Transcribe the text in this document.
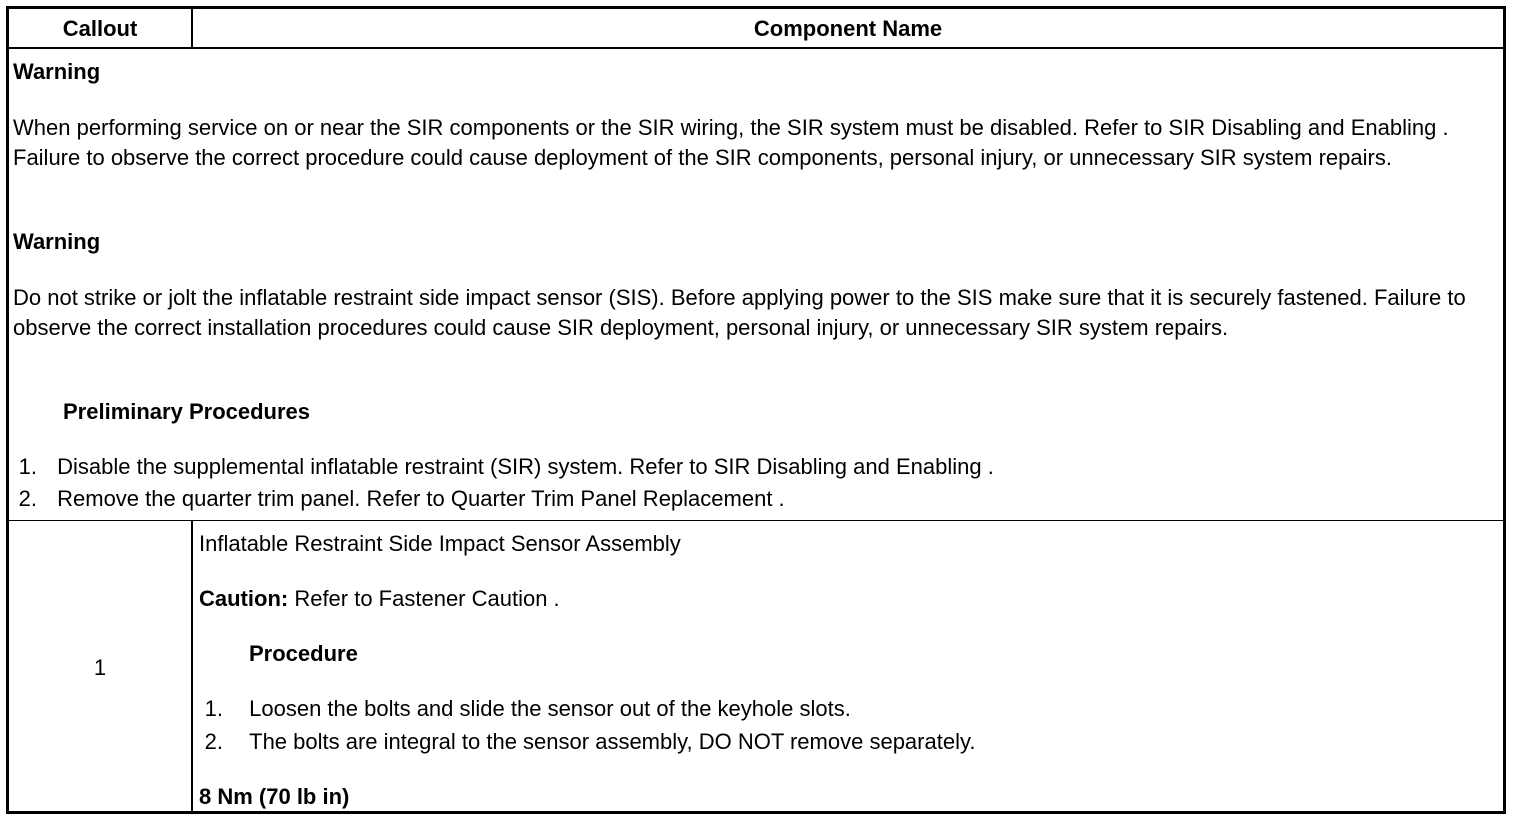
Callout	Component Name
Warning

When performing service on or near the SIR components or the SIR wiring, the SIR system must be disabled. Refer to SIR Disabling and Enabling . Failure to observe the correct procedure could cause deployment of the SIR components, personal injury, or unnecessary SIR system repairs.

Warning

Do not strike or jolt the inflatable restraint side impact sensor (SIS). Before applying power to the SIS make sure that it is securely fastened. Failure to observe the correct installation procedures could cause SIR deployment, personal injury, or unnecessary SIR system repairs.

Preliminary Procedures
1. Disable the supplemental inflatable restraint (SIR) system. Refer to SIR Disabling and Enabling .
2. Remove the quarter trim panel. Refer to Quarter Trim Panel Replacement .
1
Inflatable Restraint Side Impact Sensor Assembly
Caution: Refer to Fastener Caution .
Procedure
1. Loosen the bolts and slide the sensor out of the keyhole slots.
2. The bolts are integral to the sensor assembly, DO NOT remove separately.
8 Nm (70 lb in)
